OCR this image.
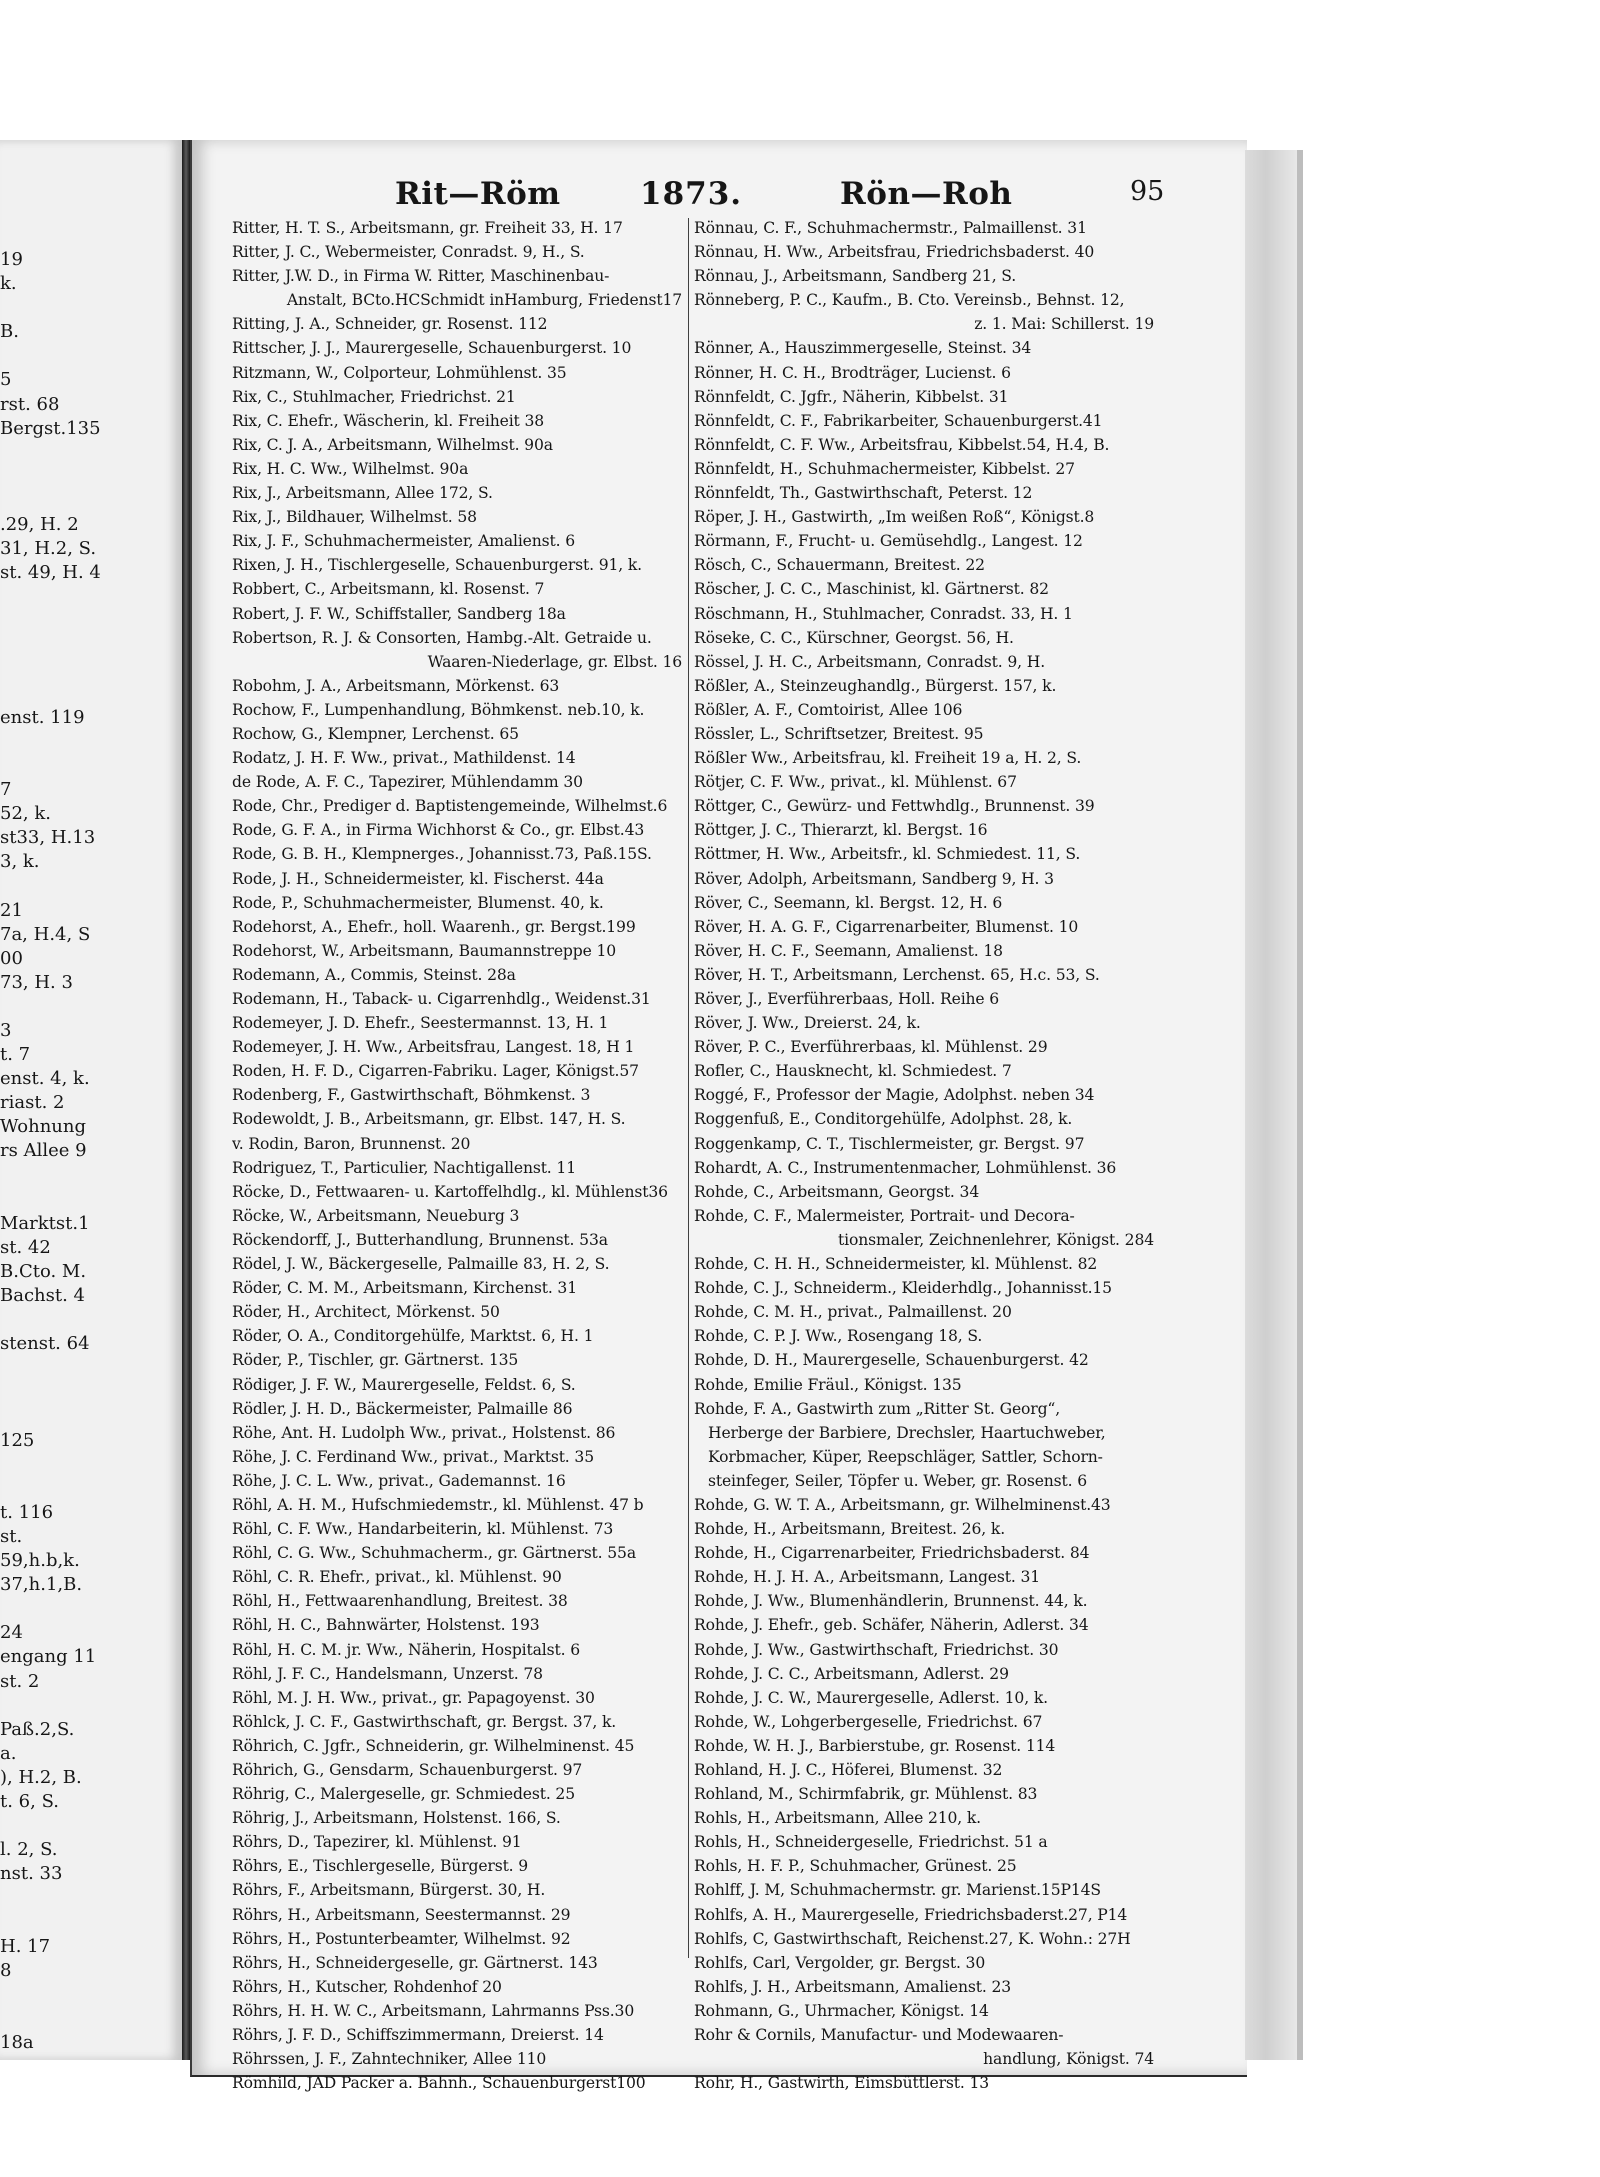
19
k.
B.
5
rst. 68
Bergst.135
.29, H. 2
31, H.2, S.
st. 49, H. 4
enst. 119
7
52, k.
st33, H.13
3, k.
21
7a, H.4, S
00
73, H. 3
3
t. 7
enst. 4, k.
riast. 2
Wohnung
rs Allee 9
Marktst.1
st. 42
B.Cto. M.
Bachst. 4
stenst. 64
125
t. 116
st.
59,h.b,k.
37,h.1,B.
24
engang 11
st. 2
Paß.2,S.
a.
), H.2, B.
t. 6, S.
l. 2, S.
nst. 33
H. 17
8
18a
Rit—Röm	1873.	Rön—Roh	95
Ritter, H. T. S., Arbeitsmann, gr. Freiheit 33, H. 17
Ritter, J. C., Webermeister, Conradst. 9, H., S.
Ritter, J.W. D., in Firma W. Ritter, Maschinenbau-
Anstalt, BCto.HCSchmidt inHamburg, Friedenst17
Ritting, J. A., Schneider, gr. Rosenst. 112
Rittscher, J. J., Maurergeselle, Schauenburgerst. 10
Ritzmann, W., Colporteur, Lohmühlenst. 35
Rix, C., Stuhlmacher, Friedrichst. 21
Rix, C. Ehefr., Wäscherin, kl. Freiheit 38
Rix, C. J. A., Arbeitsmann, Wilhelmst. 90a
Rix, H. C. Ww., Wilhelmst. 90a
Rix, J., Arbeitsmann, Allee 172, S.
Rix, J., Bildhauer, Wilhelmst. 58
Rix, J. F., Schuhmachermeister, Amalienst. 6
Rixen, J. H., Tischlergeselle, Schauenburgerst. 91, k.
Robbert, C., Arbeitsmann, kl. Rosenst. 7
Robert, J. F. W., Schiffstaller, Sandberg 18a
Robertson, R. J. & Consorten, Hambg.-Alt. Getraide u.
Waaren-Niederlage, gr. Elbst. 16
Robohm, J. A., Arbeitsmann, Mörkenst. 63
Rochow, F., Lumpenhandlung, Böhmkenst. neb.10, k.
Rochow, G., Klempner, Lerchenst. 65
Rodatz, J. H. F. Ww., privat., Mathildenst. 14
de Rode, A. F. C., Tapezirer, Mühlendamm 30
Rode, Chr., Prediger d. Baptistengemeinde, Wilhelmst.6
Rode, G. F. A., in Firma Wichhorst & Co., gr. Elbst.43
Rode, G. B. H., Klempnerges., Johannisst.73, Paß.15S.
Rode, J. H., Schneidermeister, kl. Fischerst. 44a
Rode, P., Schuhmachermeister, Blumenst. 40, k.
Rodehorst, A., Ehefr., holl. Waarenh., gr. Bergst.199
Rodehorst, W., Arbeitsmann, Baumannstreppe 10
Rodemann, A., Commis, Steinst. 28a
Rodemann, H., Taback- u. Cigarrenhdlg., Weidenst.31
Rodemeyer, J. D. Ehefr., Seestermannst. 13, H. 1
Rodemeyer, J. H. Ww., Arbeitsfrau, Langest. 18, H 1
Roden, H. F. D., Cigarren-Fabriku. Lager, Königst.57
Rodenberg, F., Gastwirthschaft, Böhmkenst. 3
Rodewoldt, J. B., Arbeitsmann, gr. Elbst. 147, H. S.
v. Rodin, Baron, Brunnenst. 20
Rodriguez, T., Particulier, Nachtigallenst. 11
Röcke, D., Fettwaaren- u. Kartoffelhdlg., kl. Mühlenst36
Röcke, W., Arbeitsmann, Neueburg 3
Röckendorff, J., Butterhandlung, Brunnenst. 53a
Rödel, J. W., Bäckergeselle, Palmaille 83, H. 2, S.
Röder, C. M. M., Arbeitsmann, Kirchenst. 31
Röder, H., Architect, Mörkenst. 50
Röder, O. A., Conditorgehülfe, Marktst. 6, H. 1
Röder, P., Tischler, gr. Gärtnerst. 135
Rödiger, J. F. W., Maurergeselle, Feldst. 6, S.
Rödler, J. H. D., Bäckermeister, Palmaille 86
Röhe, Ant. H. Ludolph Ww., privat., Holstenst. 86
Röhe, J. C. Ferdinand Ww., privat., Marktst. 35
Röhe, J. C. L. Ww., privat., Gademannst. 16
Röhl, A. H. M., Hufschmiedemstr., kl. Mühlenst. 47 b
Röhl, C. F. Ww., Handarbeiterin, kl. Mühlenst. 73
Röhl, C. G. Ww., Schuhmacherm., gr. Gärtnerst. 55a
Röhl, C. R. Ehefr., privat., kl. Mühlenst. 90
Röhl, H., Fettwaarenhandlung, Breitest. 38
Röhl, H. C., Bahnwärter, Holstenst. 193
Röhl, H. C. M. jr. Ww., Näherin, Hospitalst. 6
Röhl, J. F. C., Handelsmann, Unzerst. 78
Röhl, M. J. H. Ww., privat., gr. Papagoyenst. 30
Röhlck, J. C. F., Gastwirthschaft, gr. Bergst. 37, k.
Röhrich, C. Jgfr., Schneiderin, gr. Wilhelminenst. 45
Röhrich, G., Gensdarm, Schauenburgerst. 97
Röhrig, C., Malergeselle, gr. Schmiedest. 25
Röhrig, J., Arbeitsmann, Holstenst. 166, S.
Röhrs, D., Tapezirer, kl. Mühlenst. 91
Röhrs, E., Tischlergeselle, Bürgerst. 9
Röhrs, F., Arbeitsmann, Bürgerst. 30, H.
Röhrs, H., Arbeitsmann, Seestermannst. 29
Röhrs, H., Postunterbeamter, Wilhelmst. 92
Röhrs, H., Schneidergeselle, gr. Gärtnerst. 143
Röhrs, H., Kutscher, Rohdenhof 20
Röhrs, H. H. W. C., Arbeitsmann, Lahrmanns Pss.30
Röhrs, J. F. D., Schiffszimmermann, Dreierst. 14
Röhrssen, J. F., Zahntechniker, Allee 110
Römhild, JAD Packer a. Bahnh., Schauenburgerst100
Rönnau, C. F., Schuhmachermstr., Palmaillenst. 31
Rönnau, H. Ww., Arbeitsfrau, Friedrichsbaderst. 40
Rönnau, J., Arbeitsmann, Sandberg 21, S.
Rönneberg, P. C., Kaufm., B. Cto. Vereinsb., Behnst. 12,
z. 1. Mai: Schillerst. 19
Rönner, A., Hauszimmergeselle, Steinst. 34
Rönner, H. C. H., Brodträger, Lucienst. 6
Rönnfeldt, C. Jgfr., Näherin, Kibbelst. 31
Rönnfeldt, C. F., Fabrikarbeiter, Schauenburgerst.41
Rönnfeldt, C. F. Ww., Arbeitsfrau, Kibbelst.54, H.4, B.
Rönnfeldt, H., Schuhmachermeister, Kibbelst. 27
Rönnfeldt, Th., Gastwirthschaft, Peterst. 12
Röper, J. H., Gastwirth, „Im weißen Roß“, Königst.8
Rörmann, F., Frucht- u. Gemüsehdlg., Langest. 12
Rösch, C., Schauermann, Breitest. 22
Röscher, J. C. C., Maschinist, kl. Gärtnerst. 82
Röschmann, H., Stuhlmacher, Conradst. 33, H. 1
Röseke, C. C., Kürschner, Georgst. 56, H.
Rössel, J. H. C., Arbeitsmann, Conradst. 9, H.
Rößler, A., Steinzeughandlg., Bürgerst. 157, k.
Rößler, A. F., Comtoirist, Allee 106
Rössler, L., Schriftsetzer, Breitest. 95
Rößler Ww., Arbeitsfrau, kl. Freiheit 19 a, H. 2, S.
Rötjer, C. F. Ww., privat., kl. Mühlenst. 67
Röttger, C., Gewürz- und Fettwhdlg., Brunnenst. 39
Röttger, J. C., Thierarzt, kl. Bergst. 16
Röttmer, H. Ww., Arbeitsfr., kl. Schmiedest. 11, S.
Röver, Adolph, Arbeitsmann, Sandberg 9, H. 3
Röver, C., Seemann, kl. Bergst. 12, H. 6
Röver, H. A. G. F., Cigarrenarbeiter, Blumenst. 10
Röver, H. C. F., Seemann, Amalienst. 18
Röver, H. T., Arbeitsmann, Lerchenst. 65, H.c. 53, S.
Röver, J., Everführerbaas, Holl. Reihe 6
Röver, J. Ww., Dreierst. 24, k.
Röver, P. C., Everführerbaas, kl. Mühlenst. 29
Rofler, C., Hausknecht, kl. Schmiedest. 7
Roggé, F., Professor der Magie, Adolphst. neben 34
Roggenfuß, E., Conditorgehülfe, Adolphst. 28, k.
Roggenkamp, C. T., Tischlermeister, gr. Bergst. 97
Rohardt, A. C., Instrumentenmacher, Lohmühlenst. 36
Rohde, C., Arbeitsmann, Georgst. 34
Rohde, C. F., Malermeister, Portrait- und Decora-
tionsmaler, Zeichnenlehrer, Königst. 284
Rohde, C. H. H., Schneidermeister, kl. Mühlenst. 82
Rohde, C. J., Schneiderm., Kleiderhdlg., Johannisst.15
Rohde, C. M. H., privat., Palmaillenst. 20
Rohde, C. P. J. Ww., Rosengang 18, S.
Rohde, D. H., Maurergeselle, Schauenburgerst. 42
Rohde, Emilie Fräul., Königst. 135
Rohde, F. A., Gastwirth zum „Ritter St. Georg“,
Herberge der Barbiere, Drechsler, Haartuchweber,
Korbmacher, Küper, Reepschläger, Sattler, Schorn-
steinfeger, Seiler, Töpfer u. Weber, gr. Rosenst. 6
Rohde, G. W. T. A., Arbeitsmann, gr. Wilhelminenst.43
Rohde, H., Arbeitsmann, Breitest. 26, k.
Rohde, H., Cigarrenarbeiter, Friedrichsbaderst. 84
Rohde, H. J. H. A., Arbeitsmann, Langest. 31
Rohde, J. Ww., Blumenhändlerin, Brunnenst. 44, k.
Rohde, J. Ehefr., geb. Schäfer, Näherin, Adlerst. 34
Rohde, J. Ww., Gastwirthschaft, Friedrichst. 30
Rohde, J. C. C., Arbeitsmann, Adlerst. 29
Rohde, J. C. W., Maurergeselle, Adlerst. 10, k.
Rohde, W., Lohgerbergeselle, Friedrichst. 67
Rohde, W. H. J., Barbierstube, gr. Rosenst. 114
Rohland, H. J. C., Höferei, Blumenst. 32
Rohland, M., Schirmfabrik, gr. Mühlenst. 83
Rohls, H., Arbeitsmann, Allee 210, k.
Rohls, H., Schneidergeselle, Friedrichst. 51 a
Rohls, H. F. P., Schuhmacher, Grünest. 25
Rohlff, J. M, Schuhmachermstr. gr. Marienst.15P14S
Rohlfs, A. H., Maurergeselle, Friedrichsbaderst.27, P14
Rohlfs, C, Gastwirthschaft, Reichenst.27, K. Wohn.: 27H
Rohlfs, Carl, Vergolder, gr. Bergst. 30
Rohlfs, J. H., Arbeitsmann, Amalienst. 23
Rohmann, G., Uhrmacher, Königst. 14
Rohr & Cornils, Manufactur- und Modewaaren-
handlung, Königst. 74
Rohr, H., Gastwirth, Eimsbüttlerst. 13
